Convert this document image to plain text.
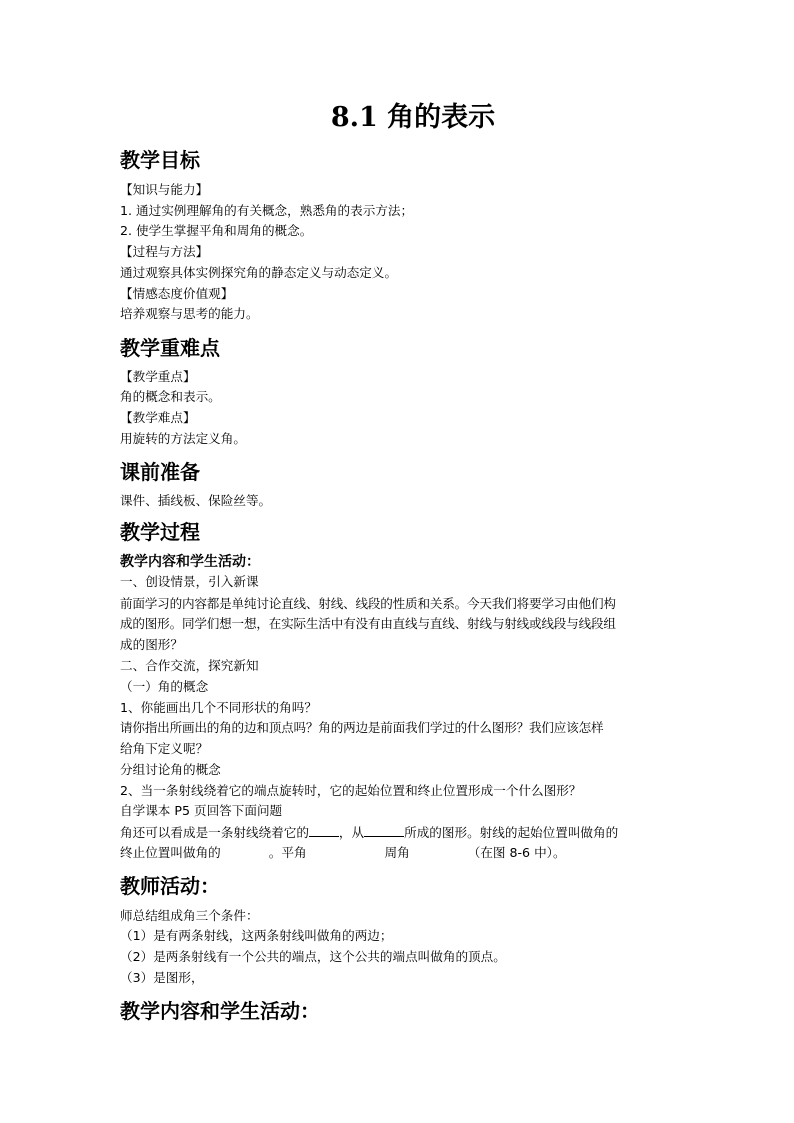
8.1 角的表示
教学目标
【知识与能力】
1. 通过实例理解角的有关概念，熟悉角的表示方法；
2. 使学生掌握平角和周角的概念。
【过程与方法】
通过观察具体实例探究角的静态定义与动态定义。
【情感态度价值观】
培养观察与思考的能力。
教学重难点
【教学重点】
角的概念和表示。
【教学难点】
用旋转的方法定义角。
课前准备
课件、插线板、保险丝等。
教学过程
教学内容和学生活动：
一、创设情景，引入新课
前面学习的内容都是单纯讨论直线、射线、线段的性质和关系。今天我们将要学习由他们构
成的图形。同学们想一想，在实际生活中有没有由直线与直线、射线与射线或线段与线段组
成的图形？
二、合作交流，探究新知
（一）角的概念
1、你能画出几个不同形状的角吗？
请你指出所画出的角的边和顶点吗？角的两边是前面我们学过的什么图形？我们应该怎样
给角下定义呢？
分组讨论角的概念
2、当一条射线绕着它的端点旋转时，它的起始位置和终止位置形成一个什么图形？
自学课本 P5 页回答下面问题
角还可以看成是一条射线绕着它的 ，从	所成的图形。射线的起始位置叫做角的
终止位置叫做角的	。平角	周角	（在图 8-6 中）。
教师活动：
师总结组成角三个条件：
（1）是有两条射线，这两条射线叫做角的两边；
（2）是两条射线有一个公共的端点，这个公共的端点叫做角的顶点。
（3）是图形，
教学内容和学生活动：
